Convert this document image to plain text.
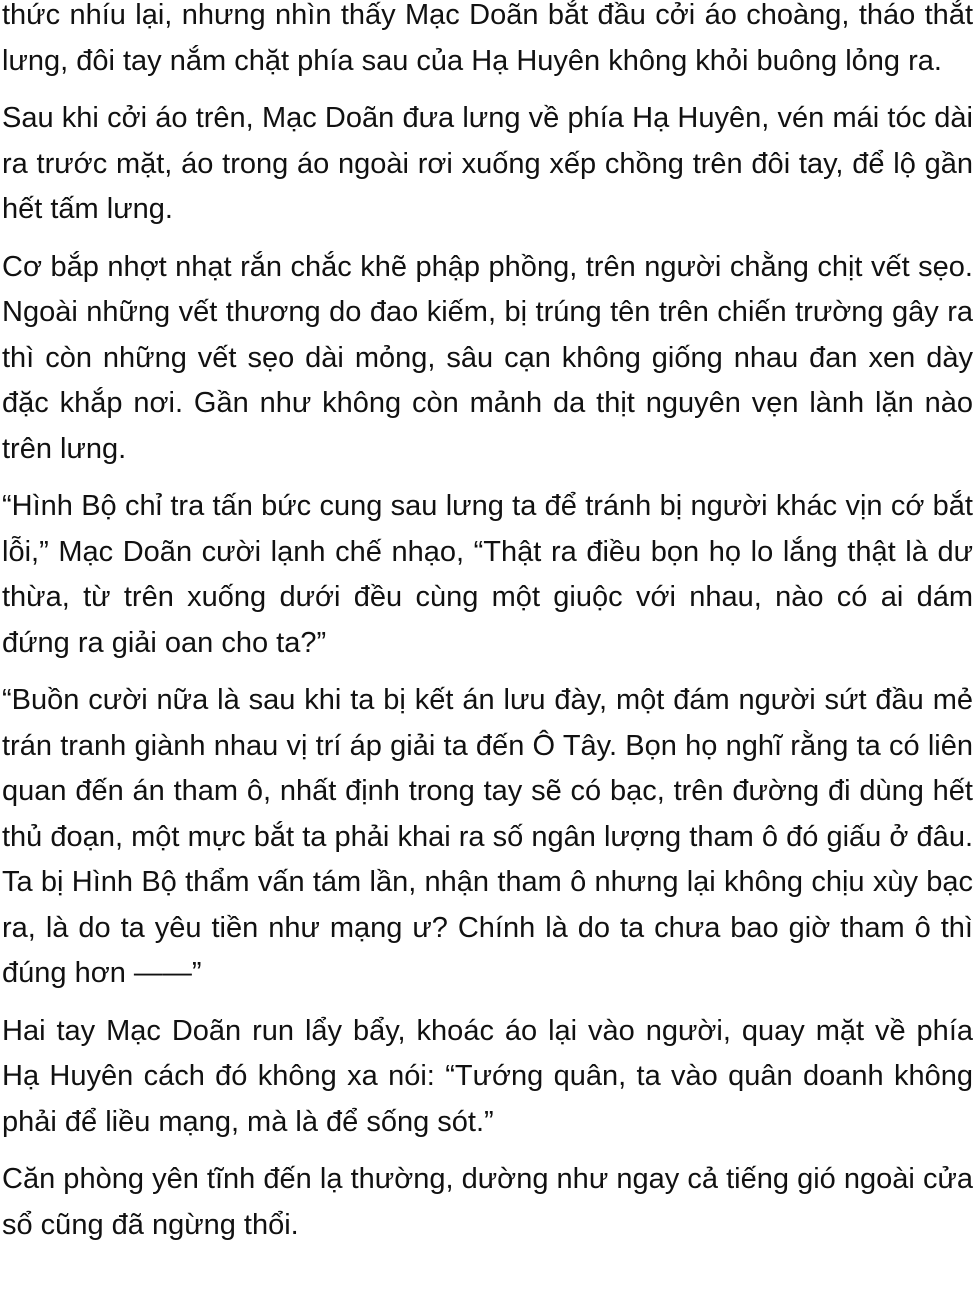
thức nhíu lại, nhưng nhìn thấy Mạc Doãn bắt đầu cởi áo choàng, tháo thắt lưng, đôi tay nắm chặt phía sau của Hạ Huyên không khỏi buông lỏng ra.

Sau khi cởi áo trên, Mạc Doãn đưa lưng về phía Hạ Huyên, vén mái tóc dài ra trước mặt, áo trong áo ngoài rơi xuống xếp chồng trên đôi tay, để lộ gần hết tấm lưng.

Cơ bắp nhợt nhạt rắn chắc khẽ phập phồng, trên người chằng chịt vết sẹo. Ngoài những vết thương do đao kiếm, bị trúng tên trên chiến trường gây ra thì còn những vết sẹo dài mỏng, sâu cạn không giống nhau đan xen dày đặc khắp nơi. Gần như không còn mảnh da thịt nguyên vẹn lành lặn nào trên lưng.

“Hình Bộ chỉ tra tấn bức cung sau lưng ta để tránh bị người khác vịn cớ bắt lỗi,” Mạc Doãn cười lạnh chế nhạo, “Thật ra điều bọn họ lo lắng thật là dư thừa, từ trên xuống dưới đều cùng một giuộc với nhau, nào có ai dám đứng ra giải oan cho ta?”

“Buồn cười nữa là sau khi ta bị kết án lưu đày, một đám người sứt đầu mẻ trán tranh giành nhau vị trí áp giải ta đến Ô Tây. Bọn họ nghĩ rằng ta có liên quan đến án tham ô, nhất định trong tay sẽ có bạc, trên đường đi dùng hết thủ đoạn, một mực bắt ta phải khai ra số ngân lượng tham ô đó giấu ở đâu. Ta bị Hình Bộ thẩm vấn tám lần, nhận tham ô nhưng lại không chịu xùy bạc ra, là do ta yêu tiền như mạng ư? Chính là do ta chưa bao giờ tham ô thì đúng hơn ——”

Hai tay Mạc Doãn run lẩy bẩy, khoác áo lại vào người, quay mặt về phía Hạ Huyên cách đó không xa nói: “Tướng quân, ta vào quân doanh không phải để liều mạng, mà là để sống sót.”

Căn phòng yên tĩnh đến lạ thường, dường như ngay cả tiếng gió ngoài cửa sổ cũng đã ngừng thổi.
